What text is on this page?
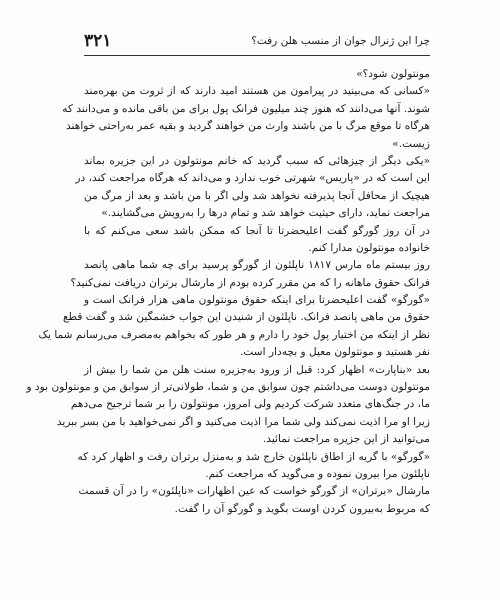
چرا این ژنرال جوان از منسب هلن رفت؟
۳۲۱
مونتولون شود؟»
«کسانی که می‌بینید در پیرامون من هستند امید دارند که از ثروت من بهره‌مند
شوند. آنها می‌دانند که هنوز چند میلیون فرانک پول برای من باقی مانده و می‌دانند که
هرگاه تا موقع مرگ با من باشند وارث من خواهند گردید و بقیه عمر به‌راحتی خواهند
زیست.»
«یکی دیگر از چیزهائی که سبب گردید که خانم مونتولون در این جزیره بماند
این است که در «پاریس» شهرتی خوب ندارد و می‌داند که هرگاه مراجعت کند، در
هیچیک از محافل آنجا پذیرفته نخواهد شد ولی اگر با من باشد و بعد از مرگ من
مراجعت نماید، دارای حیثیت خواهد شد و تمام درها را به‌رویش می‌گشایند.»
در آن روز گورگو گفت اعلیحضرتا تا آنجا که ممکن باشد سعی می‌کنم که با
خانواده مونتولون مدارا کنم.
روز بیستم ماه مارس ۱۸۱۷ ناپلئون از گورگو پرسید برای چه شما ماهی پانصد
فرانک حقوق ماهانه را که من مقرر کرده بودم از مارشال برتران دریافت نمی‌کنید؟
«گورگو» گفت اعلیحضرتا برای اینکه حقوق مونتولون ماهی هزار فرانک است و
حقوق من ماهی پانصد فرانک. ناپلئون از شنیدن این جواب خشمگین شد و گفت قطع
نظر از اینکه من اختیار پول خود را دارم و هر طور که بخواهم به‌مصرف می‌رسانم شما یک
نفر هستید و مونتولون معیل و بچه‌دار است.
بعد «بناپارت» اظهار کرد: قبل از ورود به‌جزیره سنت هلن من شما را بیش از
مونتولون دوست می‌داشتم چون سوابق من و شما، طولانی‌تر از سوابق من و مونتولون بود و
ما، در جنگ‌های متعدد شرکت کردیم ولی امروز، مونتولون را بر شما ترجیح می‌دهم
زیرا او مرا اذیت نمی‌کند ولی شما مرا اذیت می‌کنید و اگر نمی‌خواهید با من بسر ببرید
می‌توانید از این جزیره مراجعت نمائید.
«گورگو» با گریه از اطاق ناپلئون خارج شد و به‌منزل برتران رفت و اظهار کرد که
ناپلئون مرا بیرون نموده و می‌گوید که مراجعت کنم.
مارشال «برتران» از گورگو خواست که عین اظهارات «ناپلئون» را در آن قسمت
که مربوط به‌بیرون کردن اوست بگوید و گورگو آن را گفت.
